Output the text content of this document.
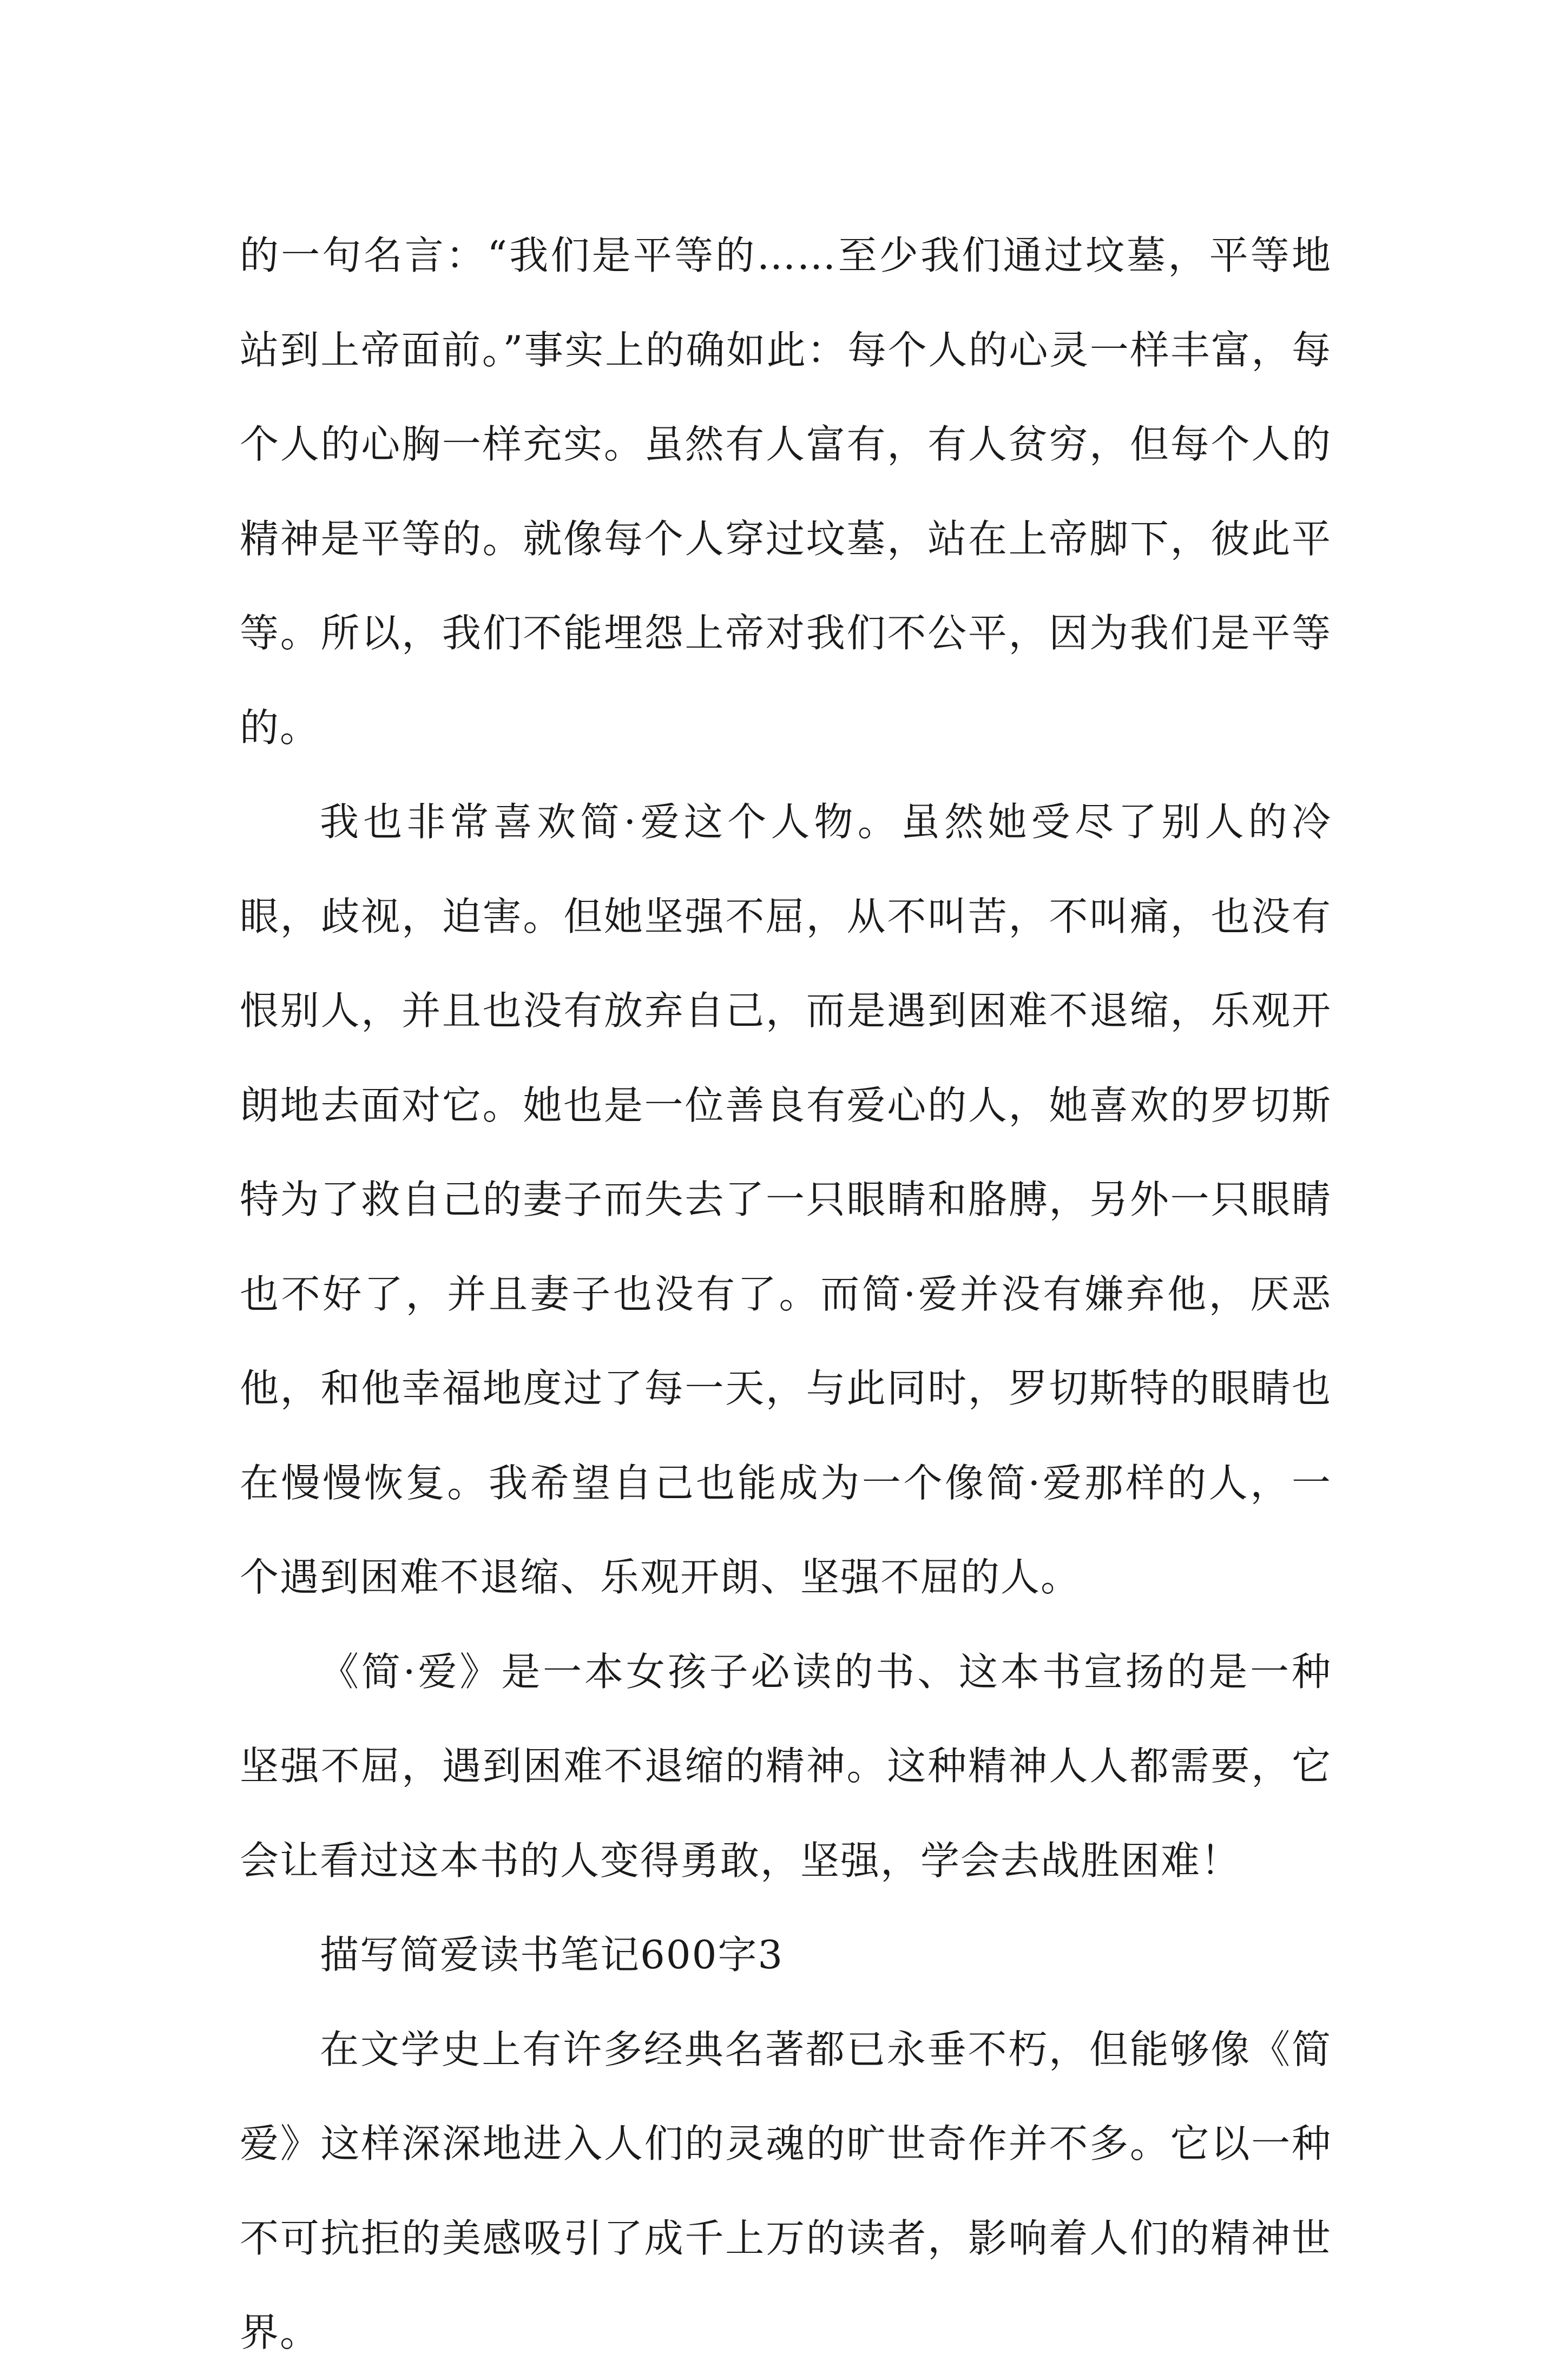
的一句名言：“我们是平等的……至少我们通过坟墓，平等地站到上帝面前。”事实上的确如此：每个人的心灵一样丰富，每个人的心胸一样充实。虽然有人富有，有人贫穷，但每个人的精神是平等的。就像每个人穿过坟墓，站在上帝脚下，彼此平等。所以，我们不能埋怨上帝对我们不公平，因为我们是平等的。

我也非常喜欢简·爱这个人物。虽然她受尽了别人的冷眼，歧视，迫害。但她坚强不屈，从不叫苦，不叫痛，也没有恨别人，并且也没有放弃自己，而是遇到困难不退缩，乐观开朗地去面对它。她也是一位善良有爱心的人，她喜欢的罗切斯特为了救自己的妻子而失去了一只眼睛和胳膊，另外一只眼睛也不好了，并且妻子也没有了。而简·爱并没有嫌弃他，厌恶他，和他幸福地度过了每一天，与此同时，罗切斯特的眼睛也在慢慢恢复。我希望自己也能成为一个像简·爱那样的人，一个遇到困难不退缩、乐观开朗、坚强不屈的人。

《简·爱》是一本女孩子必读的书、这本书宣扬的是一种坚强不屈，遇到困难不退缩的精神。这种精神人人都需要，它会让看过这本书的人变得勇敢，坚强，学会去战胜困难！

描写简爱读书笔记600字3

在文学史上有许多经典名著都已永垂不朽，但能够像《简爱》这样深深地进入人们的灵魂的旷世奇作并不多。它以一种不可抗拒的美感吸引了成千上万的读者，影响着人们的精神世界。
